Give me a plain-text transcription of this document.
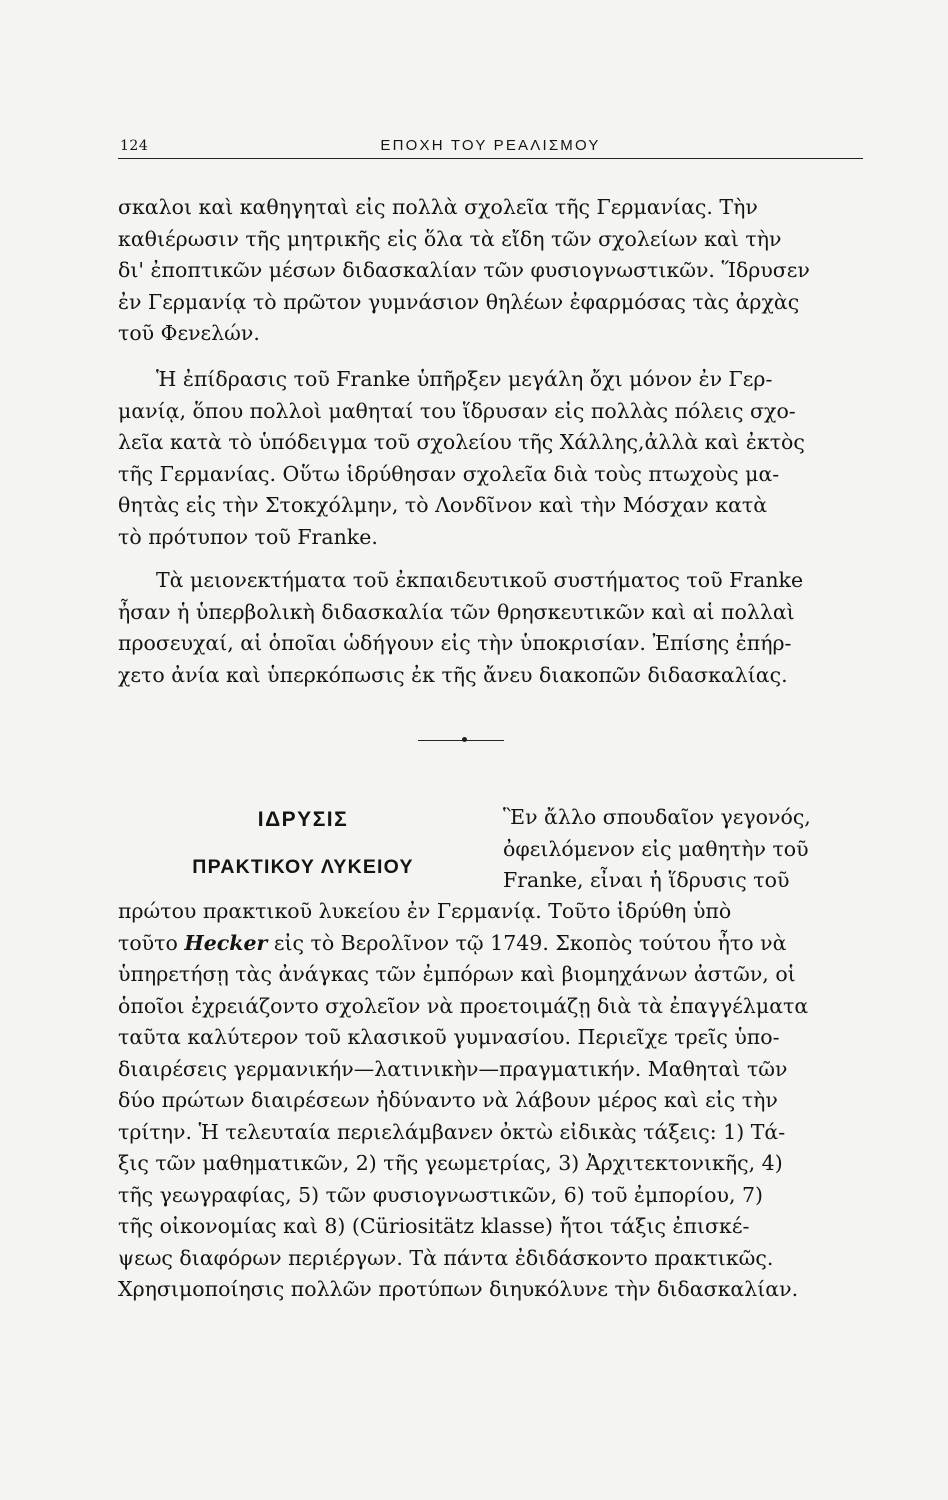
124	ΕΠΟΧΗ ΤΟΥ ΡΕΑΛΙΣΜΟΥ

σκαλοι καὶ καθηγηταὶ εἰς πολλὰ σχολεῖα τῆς Γερμανίας. Τὴν
καθιέρωσιν τῆς μητρικῆς εἰς ὅλα τὰ εἴδη τῶν σχολείων καὶ τὴν
δι' ἐποπτικῶν μέσων διδασκαλίαν τῶν φυσιογνωστικῶν. Ἵδρυσεν
ἐν Γερμανίᾳ τὸ πρῶτον γυμνάσιον θηλέων ἐφαρμόσας τὰς ἀρχὰς
τοῦ Φενελών.

Ἡ ἐπίδρασις τοῦ Franke ὑπῆρξεν μεγάλη ὄχι μόνον ἐν Γερ-
μανίᾳ, ὅπου πολλοὶ μαθηταί του ἵδρυσαν εἰς πολλὰς πόλεις σχο-
λεῖα κατὰ τὸ ὑπόδειγμα τοῦ σχολείου τῆς Χάλλης,ἀλλὰ καὶ ἐκτὸς
τῆς Γερμανίας. Οὕτω ἱδρύθησαν σχολεῖα διὰ τοὺς πτωχοὺς μα-
θητὰς εἰς τὴν Στοκχόλμην, τὸ Λονδῖνον καὶ τὴν Μόσχαν κατὰ
τὸ πρότυπον τοῦ Franke.

Τὰ μειονεκτήματα τοῦ ἐκπαιδευτικοῦ συστήματος τοῦ Franke
ἦσαν ἡ ὑπερβολικὴ διδασκαλία τῶν θρησκευτικῶν καὶ αἱ πολλαὶ
προσευχαί, αἱ ὁποῖαι ὡδήγουν εἰς τὴν ὑποκρισίαν. Ἐπίσης ἐπήρ-
χετο ἀνία καὶ ὑπερκόπωσις ἐκ τῆς ἄνευ διακοπῶν διδασκαλίας.

ΙΔΡΥΣΙΣ
ΠΡΑΚΤΙΚΟΥ ΛΥΚΕΙΟΥ

Ἓν ἄλλο σπουδαῖον γεγονός,
ὀφειλόμενον εἰς μαθητὴν τοῦ
Franke, εἶναι ἡ ἵδρυσις τοῦ

πρώτου πρακτικοῦ λυκείου ἐν Γερμανίᾳ. Τοῦτο ἱδρύθη ὑπὸ
τοῦτο Hecker εἰς τὸ Βερολῖνον τῷ 1749. Σκοπὸς τούτου ἦτο νὰ
ὑπηρετήσῃ τὰς ἀνάγκας τῶν ἐμπόρων καὶ βιομηχάνων ἀστῶν, οἱ
ὁποῖοι ἐχρειάζοντο σχολεῖον νὰ προετοιμάζῃ διὰ τὰ ἐπαγγέλματα
ταῦτα καλύτερον τοῦ κλασικοῦ γυμνασίου. Περιεῖχε τρεῖς ὑπο-
διαιρέσεις γερμανικήν—λατινικὴν—πραγματικήν. Μαθηταὶ τῶν
δύο πρώτων διαιρέσεων ἠδύναντο νὰ λάβουν μέρος καὶ εἰς τὴν
τρίτην. Ἡ τελευταία περιελάμβανεν ὀκτὼ εἰδικὰς τάξεις: 1) Τά-
ξις τῶν μαθηματικῶν, 2) τῆς γεωμετρίας, 3) Ἀρχιτεκτονικῆς, 4)
τῆς γεωγραφίας, 5) τῶν φυσιογνωστικῶν, 6) τοῦ ἐμπορίου, 7)
τῆς οἰκονομίας καὶ 8) (Cüriositätz klasse) ἤτοι τάξις ἐπισκέ-
ψεως διαφόρων περιέργων. Τὰ πάντα ἐδιδάσκοντο πρακτικῶς.
Χρησιμοποίησις πολλῶν προτύπων διηυκόλυνε τὴν διδασκαλίαν.
